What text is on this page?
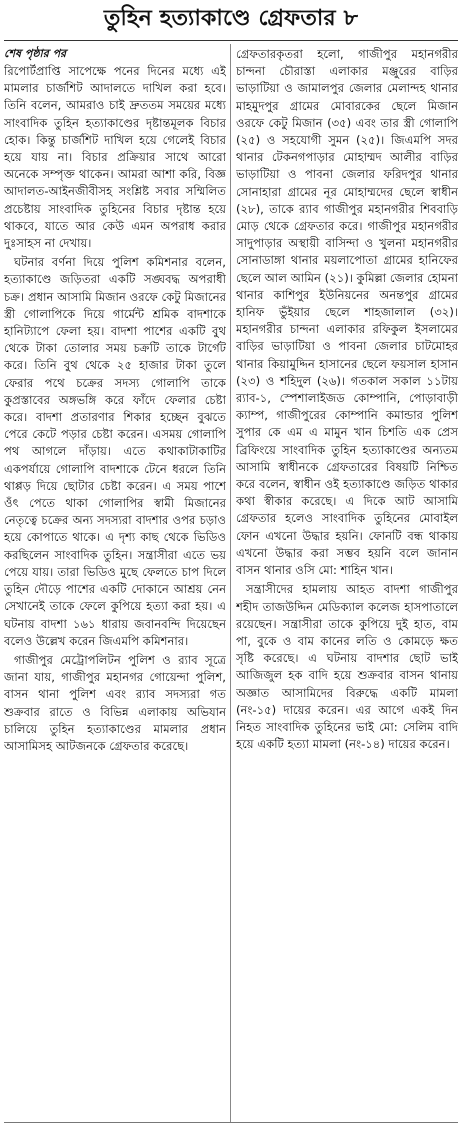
তুহিন হত্যাকাণ্ডে গ্রেফতার ৮
শেষ পৃষ্ঠার পর

রিপোর্টপ্রাপ্তি সাপেক্ষে পনের দিনের মধ্যে এই মামলার চার্জশিট আদালতে দাখিল করা হবে। তিনি বলেন, আমরাও চাই দ্রুততম সময়ের মধ্যে সাংবাদিক তুহিন হত্যাকাণ্ডের দৃষ্টান্তমূলক বিচার হোক। কিন্তু চার্জশিট দাখিল হয়ে গেলেই বিচার হয়ে যায় না। বিচার প্রক্রিয়ার সাথে আরো অনেকে সম্পৃক্ত থাকেন। আমরা আশা করি, বিজ্ঞ আদালত-আইনজীবীসহ সংশ্লিষ্ট সবার সম্মিলিত প্রচেষ্টায় সাংবাদিক তুহিনের বিচার দৃষ্টান্ত হয়ে থাকবে, যাতে আর কেউ এমন অপরাধ করার দুঃসাহস না দেখায়।

ঘটনার বর্ণনা দিয়ে পুলিশ কমিশনার বলেন, হত্যাকাণ্ডে জড়িতরা একটি সঙ্ঘবদ্ধ অপরাধী চক্র। প্রধান আসামি মিজান ওরফে কেটু মিজানের স্ত্রী গোলাপিকে দিয়ে গার্মেন্ট শ্রমিক বাদশাকে হানিট্যাপে ফেলা হয়। বাদশা পাশের একটি বুথ থেকে টাকা তোলার সময় চক্রটি তাকে টার্গেট করে। তিনি বুথ থেকে ২৫ হাজার টাকা তুলে ফেরার পথে চক্রের সদস্য গোলাপি তাকে কুপ্রস্তাবের অঙ্গভঙ্গি করে ফাঁদে ফেলার চেষ্টা করে। বাদশা প্রতারণার শিকার হচ্ছেন বুঝতে পেরে কেটে পড়ার চেষ্টা করেন। এসময় গোলাপি পথ আগলে দাঁড়ায়। এতে কথাকাটাকাটির একপর্যায়ে গোলাপি বাদশাকে টেনে ধরলে তিনি থাপ্পড় দিয়ে ছোটার চেষ্টা করেন। এ সময় পাশে ওঁৎ পেতে থাকা গোলাপির স্বামী মিজানের নেতৃত্বে চক্রের অন্য সদস্যরা বাদশার ওপর চড়াও হয়ে কোপাতে থাকে। এ দৃশ্য কাছ থেকে ভিডিও করছিলেন সাংবাদিক তুহিন। সন্ত্রাসীরা এতে ভয় পেয়ে যায়। তারা ভিডিও মুছে ফেলতে চাপ দিলে তুহিন দৌড়ে পাশের একটি দোকানে আশ্রয় নেন সেখানেই তাকে ফেলে কুপিয়ে হত্যা করা হয়। এ ঘটনায় বাদশা ১৬১ ধারায় জবানবন্দি দিয়েছেন বলেও উল্লেখ করেন জিএমপি কমিশনার।

গাজীপুর মেট্রোপলিটন পুলিশ ও র‍্যাব সূত্রে জানা যায়, গাজীপুর মহানগর গোয়েন্দা পুলিশ, বাসন থানা পুলিশ এবং র‍্যাব সদস্যরা গত শুক্রবার রাতে ও বিভিন্ন এলাকায় অভিযান চালিয়ে তুহিন হত্যাকাণ্ডের মামলার প্রধান আসামিসহ আটজনকে গ্রেফতার করেছে।

গ্রেফতারকৃতরা হলো, গাজীপুর মহানগরীর চান্দনা চৌরাস্তা এলাকার মঞ্জুরের বাড়ির ভাড়াটিয়া ও জামালপুর জেলার মেলান্দহ থানার মাহমুদপুর গ্রামের মোবারকের ছেলে মিজান ওরফে কেটু মিজান (৩৫) এবং তার স্ত্রী গোলাপি (২৫) ও সহযোগী সুমন (২৫)। জিএমপি সদর থানার টেকনগপাড়ার মোহাম্মদ আলীর বাড়ির ভাড়াটিয়া ও পাবনা জেলার ফরিদপুর থানার সোনাহারা গ্রামের নূর মোহাম্মদের ছেলে স্বাধীন (২৮), তাকে র‍্যাব গাজীপুর মহানগরীর শিববাড়ি মোড় থেকে গ্রেফতার করে। গাজীপুর মহানগরীর সাদুপাড়ার অস্থায়ী বাসিন্দা ও খুলনা মহানগরীর সোনাডাঙ্গা থানার ময়লাপোতা গ্রামের হানিফের ছেলে আল আমিন (২১)। কুমিল্লা জেলার হোমনা থানার কাশিপুর ইউনিয়নের অনন্তপুর গ্রামের হানিফ ভুঁইয়ার ছেলে শাহজালাল (৩২)। মহানগরীর চান্দনা এলাকার রফিকুল ইসলামের বাড়ির ভাড়াটিয়া ও পাবনা জেলার চাটমোহর থানার কিয়ামুদ্দিন হাসানের ছেলে ফয়সাল হাসান (২৩) ও শহিদুল (২৬)। গতকাল সকাল ১১টায় র‍্যাব-১, স্পেশালাইজড কোম্পানি, পোড়াবাড়ী ক্যাম্প, গাজীপুরের কোম্পানি কমান্ডার পুলিশ সুপার কে এম এ মামুন খান চিশতি এক প্রেস ব্রিফিংয়ে সাংবাদিক তুহিন হত্যাকাণ্ডের অন্যতম আসামি স্বাধীনকে গ্রেফতারের বিষয়টি নিশ্চিত করে বলেন, স্বাধীন ওই হত্যাকাণ্ডে জড়িত থাকার কথা স্বীকার করেছে। এ দিকে আট আসামি গ্রেফতার হলেও সাংবাদিক তুহিনের মোবাইল ফোন এখনো উদ্ধার হয়নি। ফোনটি বন্ধ থাকায় এখনো উদ্ধার করা সম্ভব হয়নি বলে জানান বাসন থানার ওসি মো: শাহিন খান।

সন্ত্রাসীদের হামলায় আহত বাদশা গাজীপুর শহীদ তাজউদ্দিন মেডিক্যাল কলেজ হাসপাতালে রয়েছেন। সন্ত্রাসীরা তাকে কুপিয়ে দুই হাত, বাম পা, বুকে ও বাম কানের লতি ও কোমড়ে ক্ষত সৃষ্টি করেছে। এ ঘটনায় বাদশার ছোট ভাই আজিজুল হক বাদি হয়ে শুক্রবার বাসন থানায় অজ্ঞাত আসামিদের বিরুদ্ধে একটি মামলা (নং-১৫) দায়ের করেন। এর আগে একই দিন নিহত সাংবাদিক তুহিনের ভাই মো: সেলিম বাদি হয়ে একটি হত্যা মামলা (নং-১৪) দায়ের করেন।
